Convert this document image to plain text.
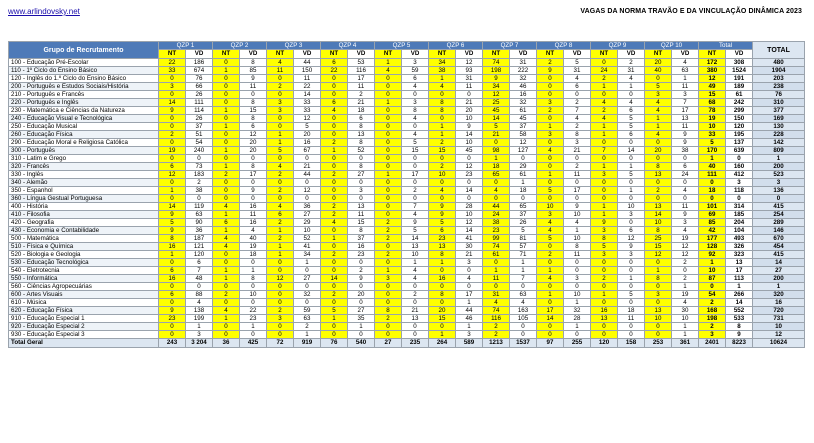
www.arlindovsky.net	VAGAS DA NORMA TRAVÃO E DA VINCULAÇÃO DINÂMICA 2023
Grupo de Recrutamento	QZP 1		QZP 2		QZP 3		QZP 4		QZP 5		QZP 6		QZP 7		QZP 8		QZP 9		QZP 10		Total		TOTAL
	NT	VD	NT	VD	NT	VD	NT	VD	NT	VD	NT	VD	NT	VD	NT	VD	NT	VD	NT	VD	NT	VD	
100 - Educação Pré-Escolar	22	186	0	8	4	44	6	53	1	3	34	12	74	31	2	5	0	2	20	4	172	308	480
110 - 1º Ciclo do Ensino Básico	33	674	1	85	11	150	22	116	4	59	38	93	198	222	9	31	24	31	40	63	380	1524	1904
120 - Inglês do 1.º Ciclo do Ensino Básico	0	76	0	9	0	11	0	17	0	6	1	31	9	32	0	4	2	4	0	1	12	191	203
200 - Português e Estudos Sociais/História	3	66	0	11	2	22	0	11	0	4	4	11	34	46	0	6	1	1	5	11	49	189	238
210 - Português e Francês	0	26	0	0	0	14	0	2	0	0	0	0	12	16	0	0	0	0	3	3	15	61	76
220 - Português e Inglês	14	111	0	8	3	33	6	21	1	3	8	21	25	32	3	2	4	4	4	7	68	242	310
230 - Matemática e Ciências da Natureza	9	114	1	15	3	33	4	18	0	8	8	20	45	61	2	7	2	6	4	17	78	299	377
240 - Educação Visual e Tecnológica	0	26	0	8	0	12	0	6	0	4	0	10	14	45	0	4	4	5	1	13	19	150	169
250 - Educação Musical	0	37	1	6	0	5	0	8	0	0	1	9	5	37	1	2	1	5	1	11	10	120	130
260 - Educação Física	2	51	0	12	1	20	0	13	0	4	1	14	21	58	3	8	1	6	4	9	33	195	228
290 - Educação Moral e Religiosa Católica	0	54	0	20	1	16	2	8	0	5	2	10	0	12	0	3	0	0	0	9	5	137	142
300 - Português	19	240	1	20	5	67	1	52	0	15	15	45	98	127	4	21	7	14	20	38	170	639	809
310 - Latim e Grego	0	0	0	0	0	0	0	0	0	0	0	0	1	0	0	0	0	0	0	0	1	0	1
320 - Francês	6	73	1	8	4	21	0	8	0	0	2	12	18	29	0	2	1	1	8	6	40	160	200
330 - Inglês	12	183	2	17	2	44	2	27	1	17	10	23	65	61	1	11	3	5	13	24	111	412	523
340 - Alemão	0	2	0	0	0	0	0	0	0	0	0	0	0	1	0	0	0	0	0	0	0	3	3
350 - Espanhol	1	38	0	9	2	12	0	3	0	2	4	14	4	18	5	17	0	1	2	4	18	118	136
360 - Língua Gestual Portuguesa	0	0	0	0	0	0	0	0	0	0	0	0	0	0	0	0	0	0	0	0	0	0	0
400 - História	14	119	4	16	4	36	2	13	0	7	9	28	44	65	10	9	1	10	13	11	101	314	415
410 - Filosofia	9	63	1	11	6	27	2	11	0	4	9	10	24	37	3	10	1	3	14	9	69	185	254
420 - Geografia	5	90	6	16	2	29	4	15	2	9	5	12	38	26	4	4	9	0	10	3	85	204	289
430 - Economia e Contabilidade	9	36	1	4	1	10	0	8	2	5	6	14	23	5	4	1	3	6	8	4	42	104	146
500 - Matemática	8	187	4	40	2	52	1	37	2	14	23	41	99	81	5	10	8	12	25	19	177	493	670
510 - Física e Química	16	121	4	19	1	41	0	16	0	13	13	30	74	57	0	8	5	9	15	12	128	326	454
520 - Biologia e Geologia	1	120	0	18	1	34	2	23	2	10	8	21	61	71	2	11	3	3	12	12	92	323	415
530 - Educação Tecnológica	0	6	0	0	0	1	0	0	0	1	1	3	0	1	0	0	0	0	0	2	1	13	14
540 - Eletrotecnia	6	7	1	1	0	0	0	2	1	4	0	0	1	1	1	0	0	0	1	0	10	17	27
550 - Informática	16	48	1	8	12	27	14	9	3	4	16	4	11	7	4	3	2	1	8	2	87	113	200
560 - Ciências Agropecuárias	0	0	0	0	0	0	0	0	0	0	0	0	0	0	0	0	0	0	0	1	0	1	1
600 - Artes Visuais	6	88	2	10	0	32	2	20	0	2	8	17	31	63	1	10	1	5	3	19	54	266	320
610 - Música	0	4	0	0	0	0	0	0	0	0	0	1	4	4	0	1	0	0	0	4	2	14	16
620 - Educação Física	9	138	4	22	2	59	5	27	8	21	20	44	74	163	17	32	16	18	13	30	168	552	720
910 - Educação Especial 1	23	199	1	23	3	63	1	35	2	13	15	46	116	105	14	28	13	11	10	10	198	533	731
920 - Educação Especial 2	0	1	0	1	0	2	0	1	0	0	0	1	2	0	0	1	0	0	0	1	2	8	10
930 - Educação Especial 3	0	3	0	0	0	1	0	0	0	0	1	3	2	0	0	0	0	0	0	1	3	9	12
Total Geral	243	3 204	36	425	72	919	76	540	27	235	264	589	1213	1537	97	255	120	158	253	361	2401	8223	10624
